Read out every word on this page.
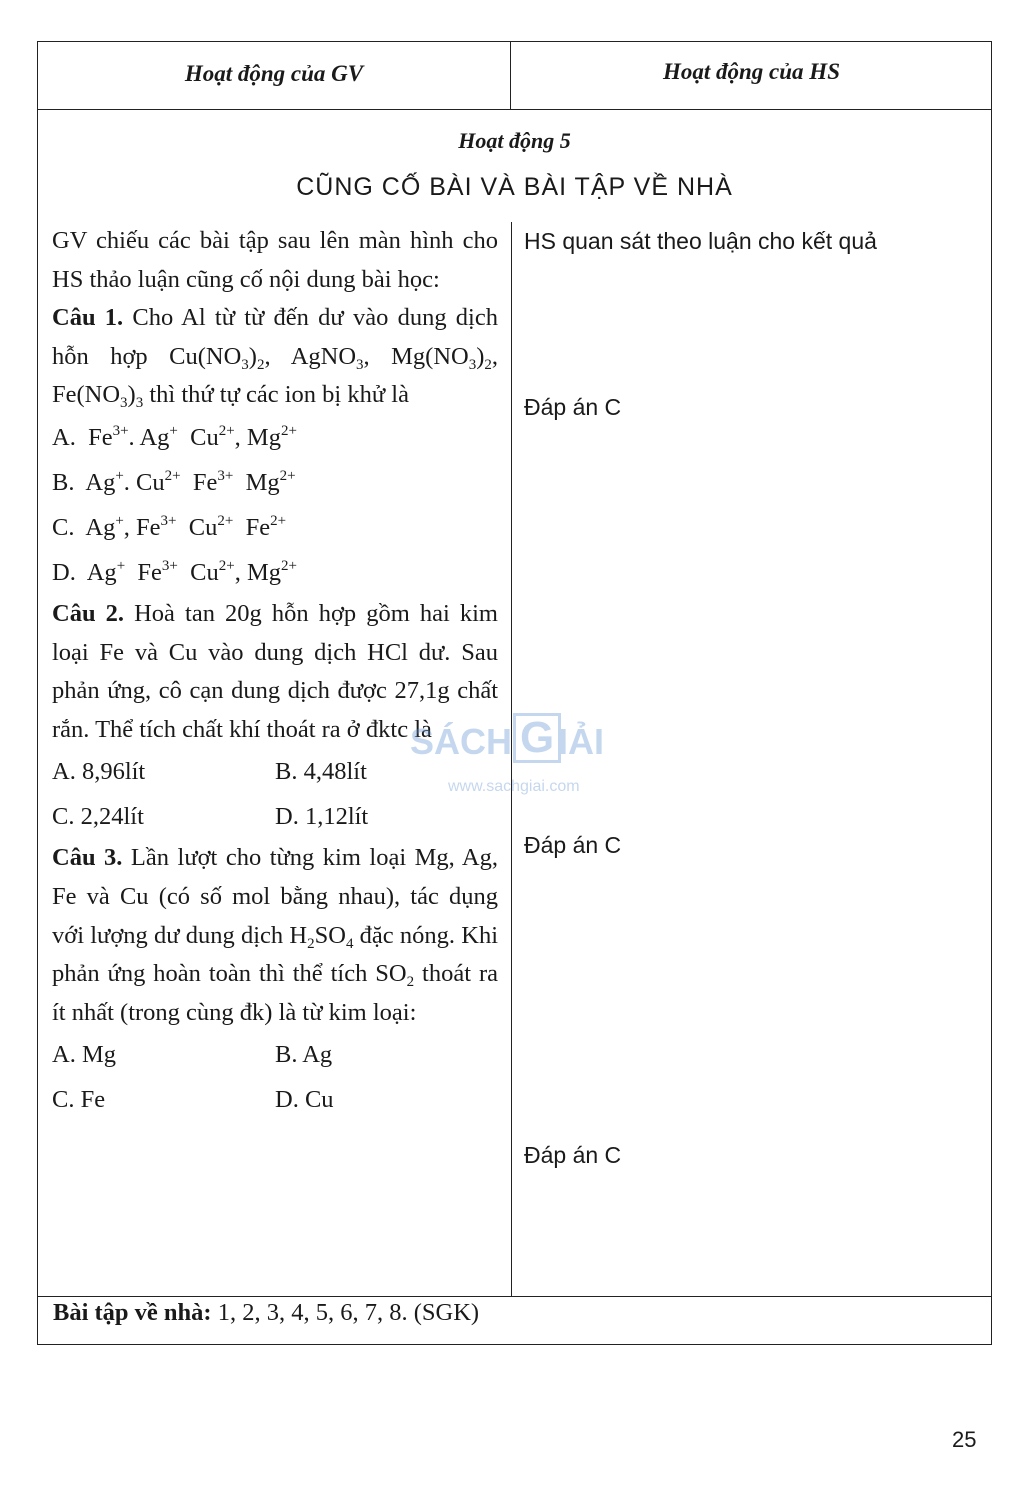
Hoạt động của GV	Hoạt động của HS
Hoạt động 5
CŨNG CỐ BÀI VÀ BÀI TẬP VỀ NHÀ

GV chiếu các bài tập sau lên màn hình cho HS thảo luận cũng cố nội dung bài học:

Câu 1. Cho Al từ từ đến dư vào dung dịch hỗn hợp $Cu(NO_3)_2$, AgNO$_3$, $Mg(NO_3)_2$, $Fe(NO_3)_3$ thì thứ tự các ion bị khử là

A. $Fe^{3+}$. Ag+ $Cu^{2+}$, $Mg^{2+}$
B. Ag+. $Cu^{2+}$ $Fe^{3+}$ $Mg^{2+}$
C. Ag+, $Fe^{3+}$ $Cu^{2+}$ $Fe^{2+}$
D. Ag+ $Fe^{3+}$ $Cu^{2+}$, $Mg^{2+}$

Câu 2. Hoà tan 20g hỗn hợp gồm hai kim loại Fe và Cu vào dung dịch HCl dư. Sau phản ứng, cô cạn dung dịch được 27,1g chất rắn. Thể tích chất khí thoát ra ở đktc là

A. 8,96lít	B. 4,48lít
C. 2,24lít	D. 1,12lít

Câu 3. Lần lượt cho từng kim loại Mg, Ag, Fe và Cu (có số mol bằng nhau), tác dụng với lượng dư dung dịch $H_2SO_4$ đặc nóng. Khi phản ứng hoàn toàn thì thể tích $SO_2$ thoát ra ít nhất (trong cùng đk) là từ kim loại:

A. Mg	B. Ag
C. Fe	D. Cu
HS quan sát theo luận cho kết quả
Đáp án C
Đáp án C
Đáp án C
Bài tập về nhà: 1, 2, 3, 4, 5, 6, 7, 8. (SGK)
SÁCH G IẢI
www.sachgiai.com
25
